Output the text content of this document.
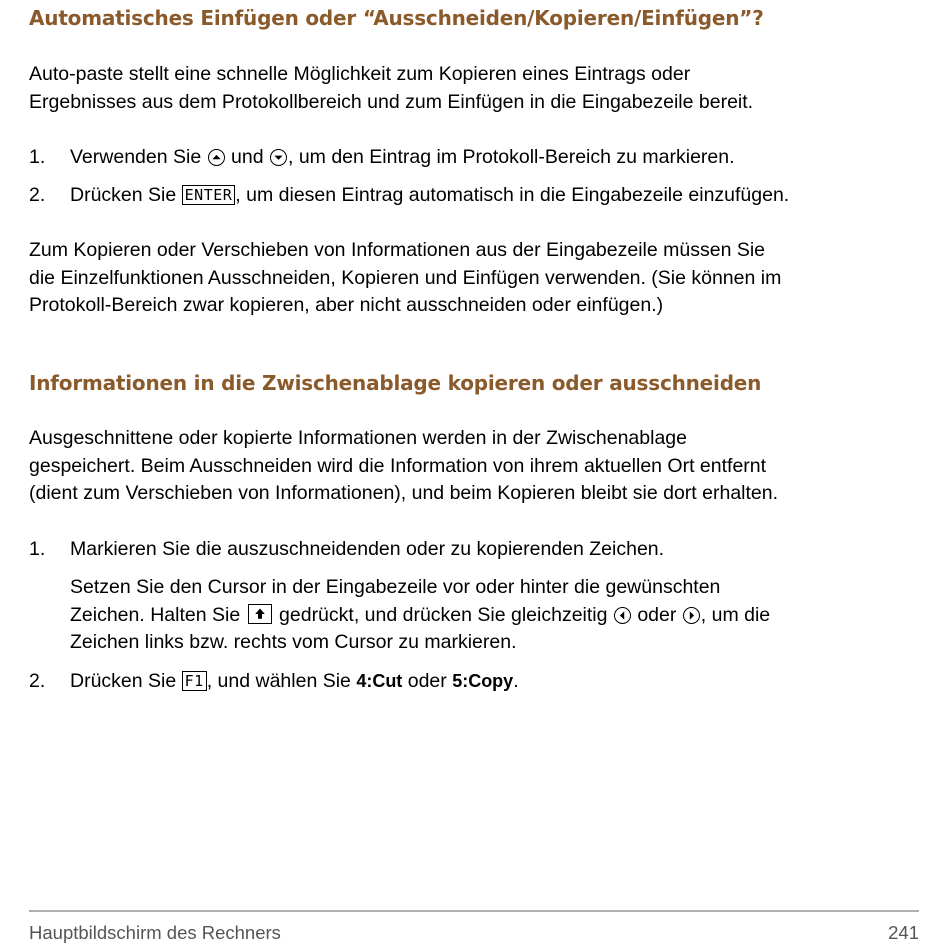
Automatisches Einfügen oder “Ausschneiden/Kopieren/Einfügen”?

Auto-paste stellt eine schnelle Möglichkeit zum Kopieren eines Eintrags oder
Ergebnisses aus dem Protokollbereich und zum Einfügen in die Eingabezeile bereit.

1. Verwenden Sie und , um den Eintrag im Protokoll-Bereich zu markieren.
2. Drücken Sie ENTER , um diesen Eintrag automatisch in die Eingabezeile einzufügen.

Zum Kopieren oder Verschieben von Informationen aus der Eingabezeile müssen Sie
die Einzelfunktionen Ausschneiden, Kopieren und Einfügen verwenden. (Sie können im
Protokoll-Bereich zwar kopieren, aber nicht ausschneiden oder einfügen.)

Informationen in die Zwischenablage kopieren oder ausschneiden

Ausgeschnittene oder kopierte Informationen werden in der Zwischenablage
gespeichert. Beim Ausschneiden wird die Information von ihrem aktuellen Ort entfernt
(dient zum Verschieben von Informationen), und beim Kopieren bleibt sie dort erhalten.

1. Markieren Sie die auszuschneidenden oder zu kopierenden Zeichen.
Setzen Sie den Cursor in der Eingabezeile vor oder hinter die gewünschten
Zeichen. Halten Sie gedrückt, und drücken Sie gleichzeitig oder , um die
Zeichen links bzw. rechts vom Cursor zu markieren.
2. Drücken Sie F1 , und wählen Sie 4:Cut oder 5:Copy.
Hauptbildschirm des Rechners	241
